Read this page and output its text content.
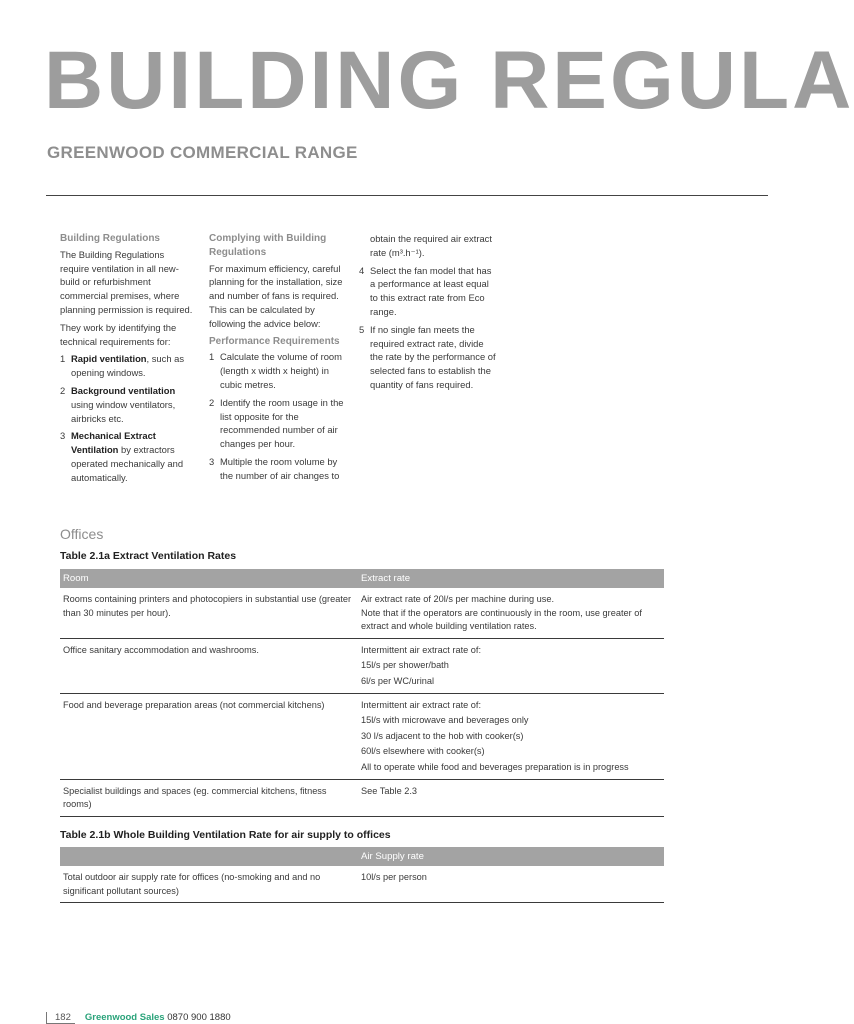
BUILDING REGULA
GREENWOOD COMMERCIAL RANGE
Building Regulations

The Building Regulations require ventilation in all new-build or refurbishment commercial premises, where planning permission is required.

They work by identifying the technical requirements for:

1 Rapid ventilation, such as opening windows.
2 Background ventilation using window ventilators, airbricks etc.
3 Mechanical Extract Ventilation by extractors operated mechanically and automatically.
Complying with Building Regulations

For maximum efficiency, careful planning for the installation, size and number of fans is required. This can be calculated by following the advice below:

Performance Requirements
1 Calculate the volume of room (length x width x height) in cubic metres.
2 Identify the room usage in the list opposite for the recommended number of air changes per hour.
3 Multiple the room volume by the number of air changes to
obtain the required air extract rate (m³.h⁻¹).
4 Select the fan model that has a performance at least equal to this extract rate from Eco range.
5 If no single fan meets the required extract rate, divide the rate by the performance of selected fans to establish the quantity of fans required.
Offices
Table 2.1a Extract Ventilation Rates
Room	Extract rate
Rooms containing printers and photocopiers in substantial use (greater than 30 minutes per hour).	Air extract rate of 20l/s per machine during use.
Note that if the operators are continuously in the room, use greater of extract and whole building ventilation rates.

Office sanitary accommodation and washrooms.	Intermittent air extract rate of:
15l/s per shower/bath
6l/s per WC/urinal

Food and beverage preparation areas (not commercial kitchens)	Intermittent air extract rate of:
15l/s with microwave and beverages only
30 l/s adjacent to the hob with cooker(s)
60l/s elsewhere with cooker(s)
All to operate while food and beverages preparation is in progress

Specialist buildings and spaces (eg. commercial kitchens, fitness rooms)	See Table 2.3
Table 2.1b Whole Building Ventilation Rate for air supply to offices
	Air Supply rate
Total outdoor air supply rate for offices (no-smoking and and no significant pollutant sources)	10l/s per person
182 Greenwood Sales 0870 900 1880
